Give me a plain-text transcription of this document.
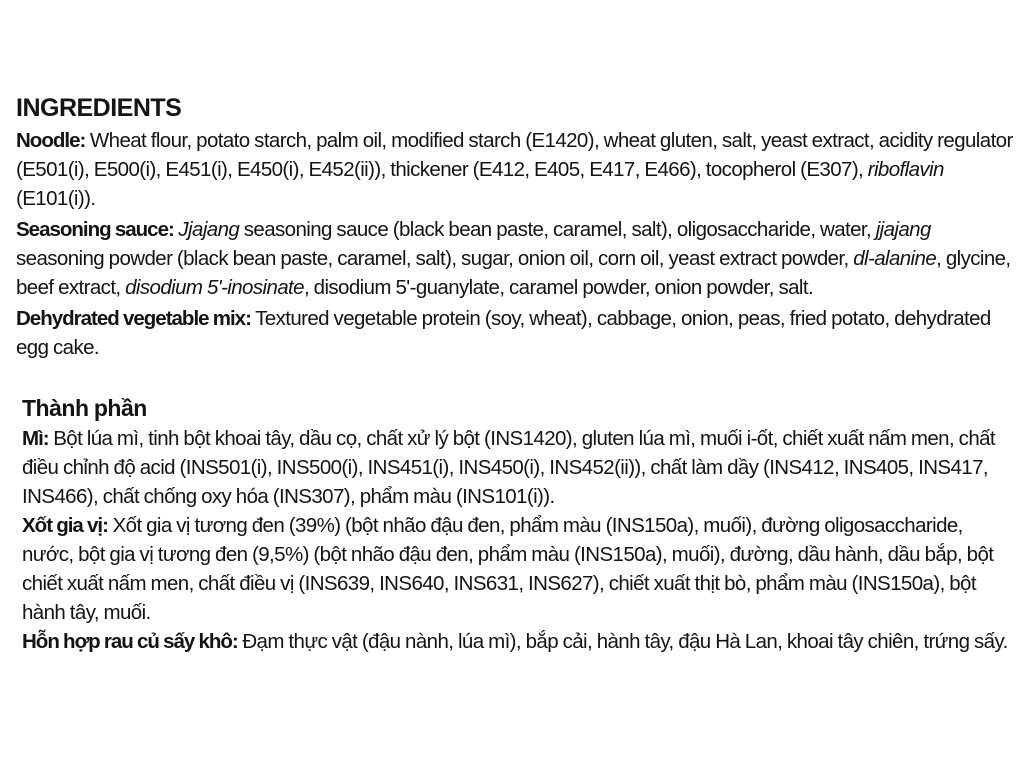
INGREDIENTS

Noodle: Wheat flour, potato starch, palm oil, modified starch (E1420), wheat gluten, salt, yeast extract, acidity regulator (E501(i), E500(i), E451(i), E450(i), E452(ii)), thickener (E412, E405, E417, E466), tocopherol (E307), riboflavin (E101(i)).

Seasoning sauce: Jjajang seasoning sauce (black bean paste, caramel, salt), oligosaccharide, water, jjajang seasoning powder (black bean paste, caramel, salt), sugar, onion oil, corn oil, yeast extract powder, dl-alanine, glycine, beef extract, disodium 5'-inosinate, disodium 5'-guanylate, caramel powder, onion powder, salt.

Dehydrated vegetable mix: Textured vegetable protein (soy, wheat), cabbage, onion, peas, fried potato, dehydrated egg cake.

Thành phần

Mì: Bột lúa mì, tinh bột khoai tây, dầu cọ, chất xử lý bột (INS1420), gluten lúa mì, muối i-ốt, chiết xuất nấm men, chất điều chỉnh độ acid (INS501(i), INS500(i), INS451(i), INS450(i), INS452(ii)), chất làm dầy (INS412, INS405, INS417, INS466), chất chống oxy hóa (INS307), phẩm màu (INS101(i)).

Xốt gia vị: Xốt gia vị tương đen (39%) (bột nhão đậu đen, phẩm màu (INS150a), muối), đường oligosaccharide, nước, bột gia vị tương đen (9,5%) (bột nhão đậu đen, phẩm màu (INS150a), muối), đường, dầu hành, dầu bắp, bột chiết xuất nấm men, chất điều vị (INS639, INS640, INS631, INS627), chiết xuất thịt bò, phẩm màu (INS150a), bột hành tây, muối.

Hỗn hợp rau củ sấy khô: Đạm thực vật (đậu nành, lúa mì), bắp cải, hành tây, đậu Hà Lan, khoai tây chiên, trứng sấy.
